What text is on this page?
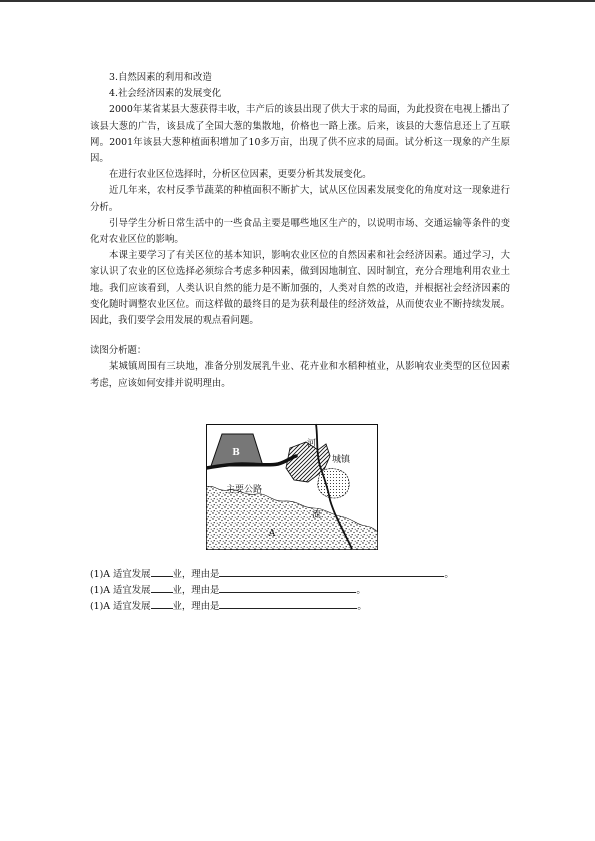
3.自然因素的利用和改造

4.社会经济因素的发展变化

2000年某省某县大葱获得丰收，丰产后的该县出现了供大于求的局面，为此投资在电视上播出了该县大葱的广告，该县成了全国大葱的集散地，价格也一路上涨。后来，该县的大葱信息还上了互联网。2001年该县大葱种植面积增加了10多万亩，出现了供不应求的局面。试分析这一现象的产生原因。

在进行农业区位选择时，分析区位因素，更要分析其发展变化。

近几年来，农村反季节蔬菜的种植面积不断扩大，试从区位因素发展变化的角度对这一现象进行分析。

引导学生分析日常生活中的一些食品主要是哪些地区生产的，以说明市场、交通运输等条件的变化对农业区位的影响。

本课主要学习了有关区位的基本知识，影响农业区位的自然因素和社会经济因素。通过学习，大家认识了农业的区位选择必须综合考虑多种因素，做到因地制宜、因时制宜，充分合理地利用农业土地。我们应该看到，人类认识自然的能力是不断加强的，人类对自然的改造，并根据社会经济因素的变化随时调整农业区位。而这样做的最终目的是为获利最佳的经济效益，从而使农业不断持续发展。因此，我们要学会用发展的观点看问题。

读图分析题：

某城镇周围有三块地，准备分别发展乳牛业、花卉业和水稻种植业，从影响农业类型的区位因素考虑，应该如何安排并说明理由。

B
A
河
城镇
主要公路
流
(1)A 适宜发展 业，理由是	。
(1)A 适宜发展 业，理由是	。
(1)A 适宜发展 业，理由是	。
